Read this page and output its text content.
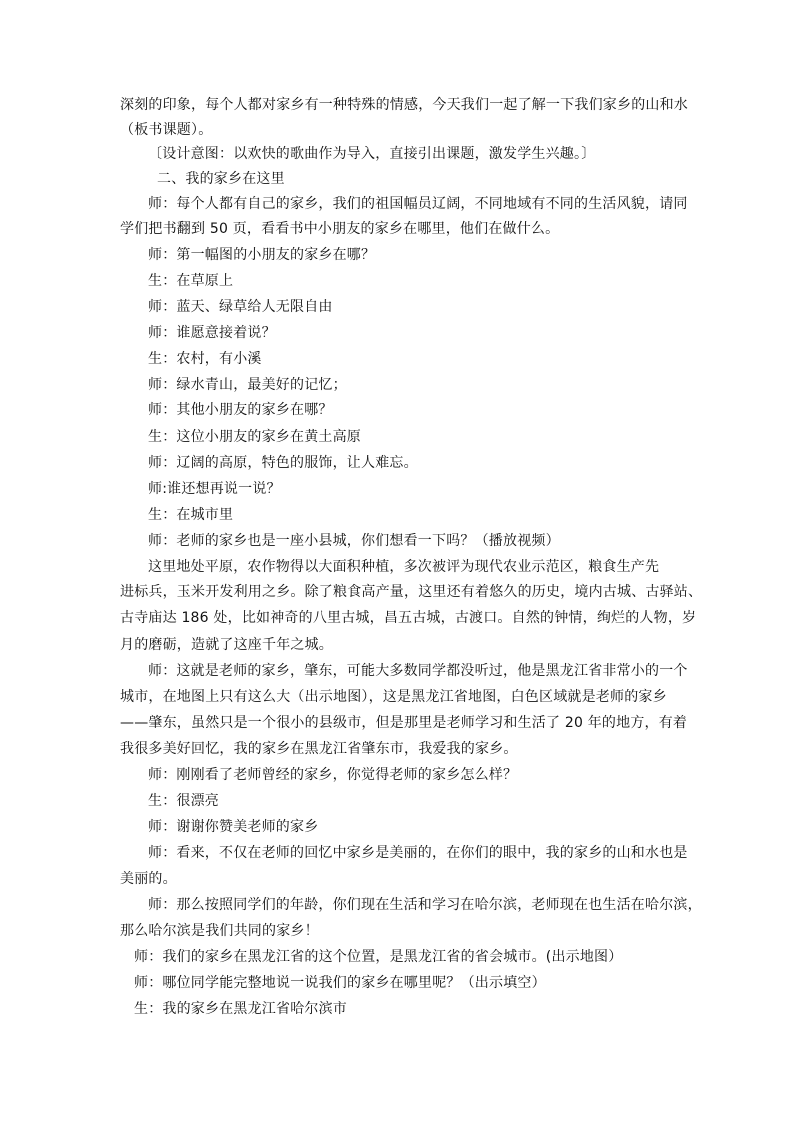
深刻的印象，每个人都对家乡有一种特殊的情感，今天我们一起了解一下我们家乡的山和水
（板书课题）。
〔设计意图：以欢快的歌曲作为导入，直接引出课题，激发学生兴趣。〕
二、我的家乡在这里
师：每个人都有自己的家乡，我们的祖国幅员辽阔，不同地域有不同的生活风貌，请同
学们把书翻到 50 页，看看书中小朋友的家乡在哪里，他们在做什么。
师：第一幅图的小朋友的家乡在哪？
生：在草原上
师：蓝天、绿草给人无限自由
师：谁愿意接着说？
生：农村，有小溪
师：绿水青山，最美好的记忆；
师：其他小朋友的家乡在哪？
生：这位小朋友的家乡在黄土高原
师：辽阔的高原，特色的服饰，让人难忘。
师:谁还想再说一说？
生：在城市里
师：老师的家乡也是一座小县城，你们想看一下吗？（播放视频）
这里地处平原，农作物得以大面积种植，多次被评为现代农业示范区，粮食生产先
进标兵，玉米开发利用之乡。除了粮食高产量，这里还有着悠久的历史，境内古城、古驿站、
古寺庙达 186 处，比如神奇的八里古城，昌五古城，古渡口。自然的钟情，绚烂的人物，岁
月的磨砺，造就了这座千年之城。
师：这就是老师的家乡，肇东，可能大多数同学都没听过，他是黑龙江省非常小的一个
城市，在地图上只有这么大（出示地图），这是黑龙江省地图，白色区域就是老师的家乡
——肇东，虽然只是一个很小的县级市，但是那里是老师学习和生活了 20 年的地方，有着
我很多美好回忆，我的家乡在黑龙江省肇东市，我爱我的家乡。
师：刚刚看了老师曾经的家乡，你觉得老师的家乡怎么样？
生：很漂亮
师：谢谢你赞美老师的家乡
师：看来，不仅在老师的回忆中家乡是美丽的，在你们的眼中，我的家乡的山和水也是
美丽的。
师：那么按照同学们的年龄，你们现在生活和学习在哈尔滨，老师现在也生活在哈尔滨，
那么哈尔滨是我们共同的家乡！
师：我们的家乡在黑龙江省的这个位置，是黑龙江省的省会城市。(出示地图）
师：哪位同学能完整地说一说我们的家乡在哪里呢？（出示填空）
生：我的家乡在黑龙江省哈尔滨市
